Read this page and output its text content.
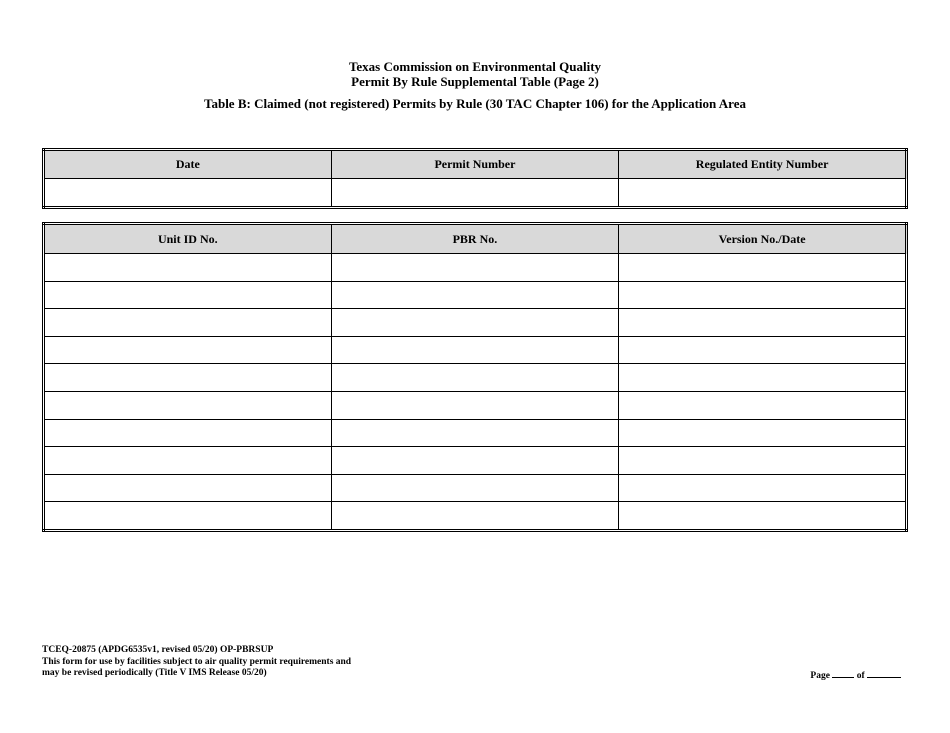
Texas Commission on Environmental Quality
Permit By Rule Supplemental Table (Page 2)
Table B: Claimed (not registered) Permits by Rule (30 TAC Chapter 106) for the Application Area
Date	Permit Number	Regulated Entity Number

Unit ID No.	PBR No.	Version No./Date

TCEQ-20875 (APDG6535v1, revised 05/20) OP-PBRSUP
This form for use by facilities subject to air quality permit requirements and
may be revised periodically (Title V IMS Release 05/20)	Page	of
